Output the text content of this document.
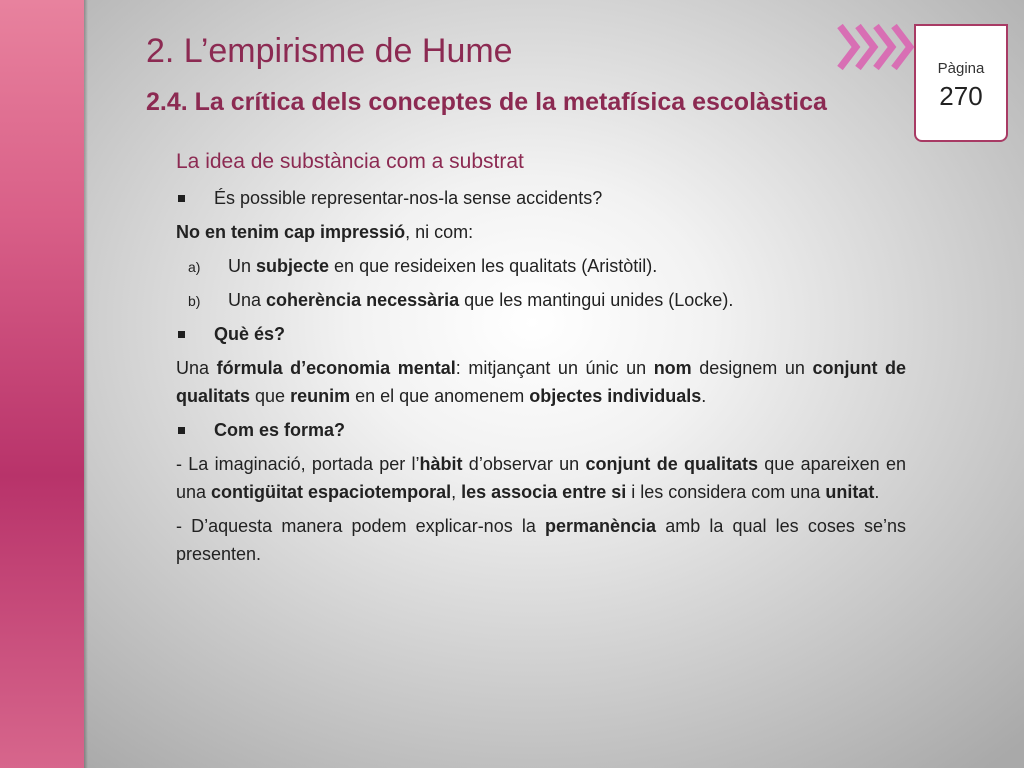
2. L’empirisme de Hume
2.4. La crítica dels conceptes de la metafísica escolàstica
Pàgina
270

La idea de substància com a substrat

És possible representar-nos-la sense accidents?

No en tenim cap impressió, ni com:

a) Un subjecte en que resideixen les qualitats (Aristòtil).

b) Una coherència necessària que les mantingui unides (Locke).

Què és?

Una fórmula d’economia mental: mitjançant un únic un nom designem un conjunt de qualitats que reunim en el que anomenem objectes individuals.

Com es forma?

- La imaginació, portada per l’hàbit d’observar un conjunt de qualitats que apareixen en una contigüitat espaciotemporal, les associa entre si i les considera com una unitat.

- D’aquesta manera podem explicar-nos la permanència amb la qual les coses se’ns presenten.
